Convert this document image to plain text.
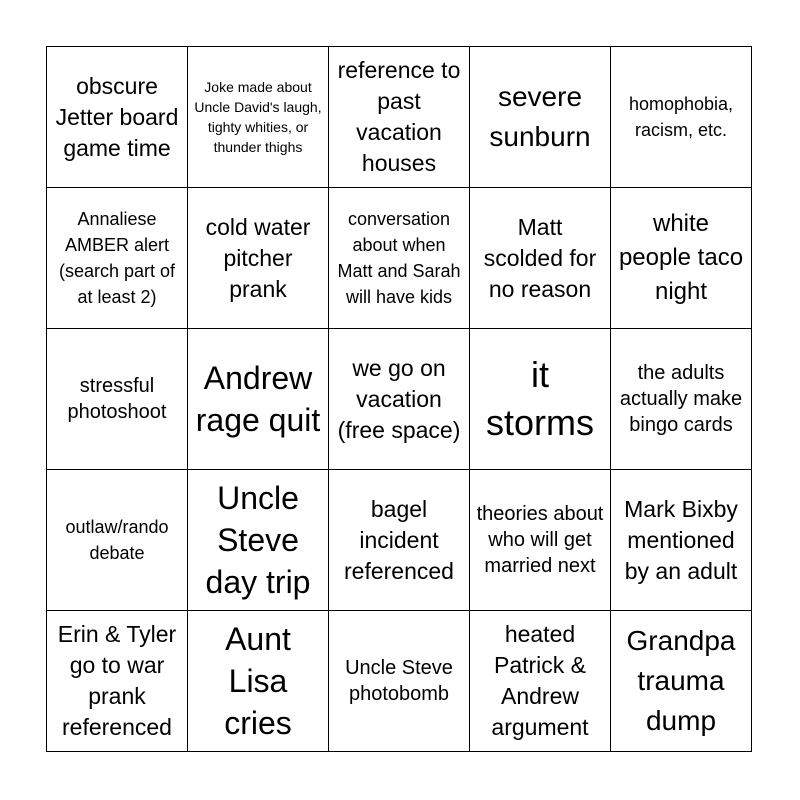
obscure Jetter board game time
Joke made about Uncle David's laugh, tighty whities, or thunder thighs
reference to past vacation houses
severe sunburn
homophobia, racism, etc.
Annaliese AMBER alert (search part of at least 2)
cold water pitcher prank
conversation about when Matt and Sarah will have kids
Matt scolded for no reason
white people taco night
stressful photoshoot
Andrew rage quit
we go on vacation (free space)
it storms
the adults actually make bingo cards
outlaw/rando debate
Uncle Steve day trip
bagel incident referenced
theories about who will get married next
Mark Bixby mentioned by an adult
Erin & Tyler go to war prank referenced
Aunt Lisa cries
Uncle Steve photobomb
heated Patrick & Andrew argument
Grandpa trauma dump
